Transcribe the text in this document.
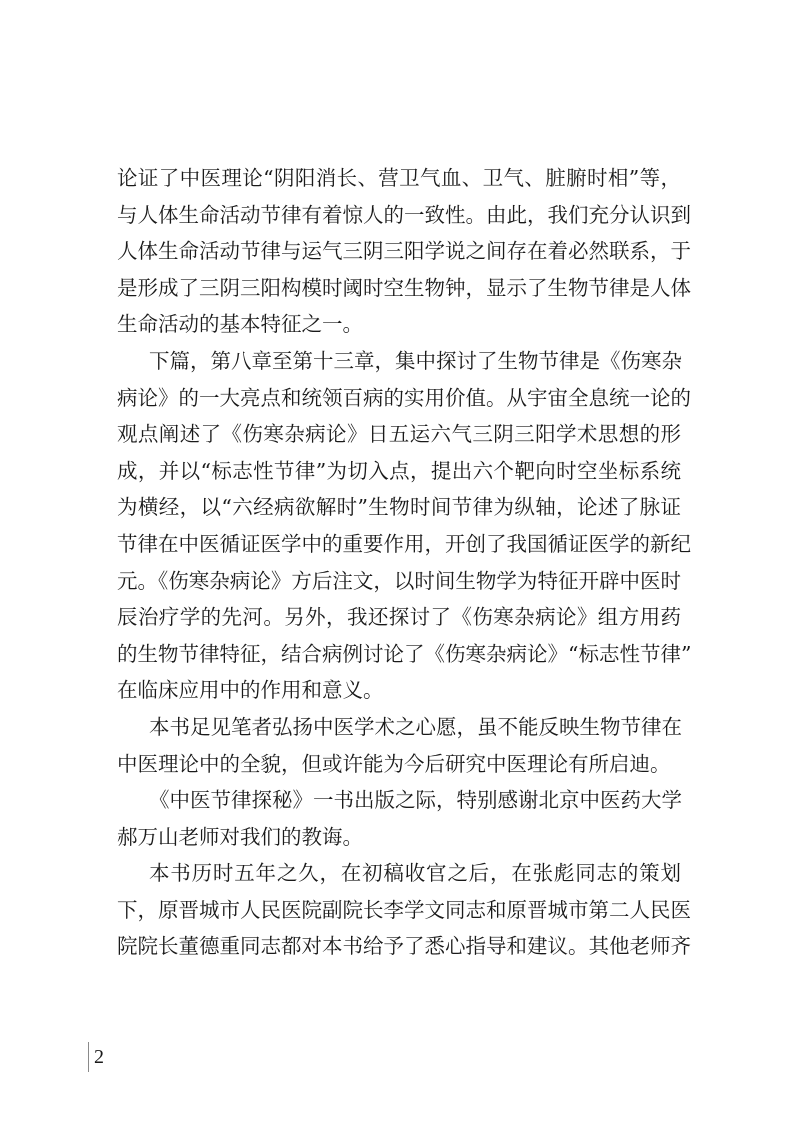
论证了中医理论“阴阳消长、营卫气血、卫气、脏腑时相”等，
与人体生命活动节律有着惊人的一致性。由此，我们充分认识到
人体生命活动节律与运气三阴三阳学说之间存在着必然联系，于
是形成了三阴三阳构模时阈时空生物钟，显示了生物节律是人体
生命活动的基本特征之一。
下篇，第八章至第十三章，集中探讨了生物节律是《伤寒杂
病论》的一大亮点和统领百病的实用价值。从宇宙全息统一论的
观点阐述了《伤寒杂病论》日五运六气三阴三阳学术思想的形
成，并以“标志性节律”为切入点，提出六个靶向时空坐标系统
为横经，以“六经病欲解时”生物时间节律为纵轴，论述了脉证
节律在中医循证医学中的重要作用，开创了我国循证医学的新纪
元。《伤寒杂病论》方后注文，以时间生物学为特征开辟中医时
辰治疗学的先河。另外，我还探讨了《伤寒杂病论》组方用药
的生物节律特征，结合病例讨论了《伤寒杂病论》“标志性节律”
在临床应用中的作用和意义。
本书足见笔者弘扬中医学术之心愿，虽不能反映生物节律在
中医理论中的全貌，但或许能为今后研究中医理论有所启迪。
《中医节律探秘》一书出版之际，特别感谢北京中医药大学
郝万山老师对我们的教诲。
本书历时五年之久，在初稿收官之后，在张彪同志的策划
下，原晋城市人民医院副院长李学文同志和原晋城市第二人民医
院院长董德重同志都对本书给予了悉心指导和建议。其他老师齐
2
